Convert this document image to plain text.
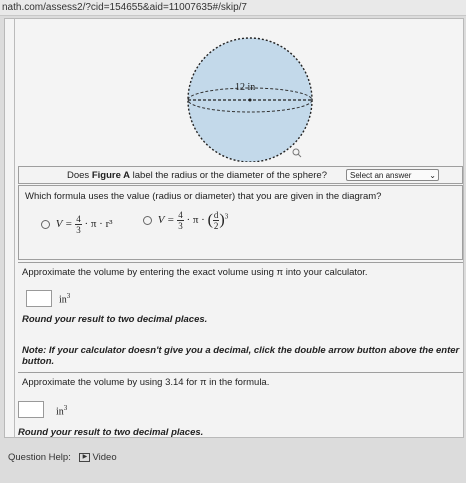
nath.com/assess2/?cid=154655&aid=11007635#/skip/7
12 in
Does Figure A label the radius or the diameter of the sphere?	Select an answer ⌄
Which formula uses the value (radius or diameter) that you are given in the diagram?
$V = \frac{4}{3} \cdot \pi \cdot r^3$	$V = \frac{4}{3} \cdot \pi$ · ( $\frac{d}{2} )^3$
Approximate the volume by entering the exact volume using π into your calculator.
$in^3$
Round your result to two decimal places.
Note: If your calculator doesn't give you a decimal, click the double arrow button above the enter button.
Approximate the volume by using 3.14 for π in the formula.
$in^3$
Round your result to two decimal places.
Question Help: ▶ Video
